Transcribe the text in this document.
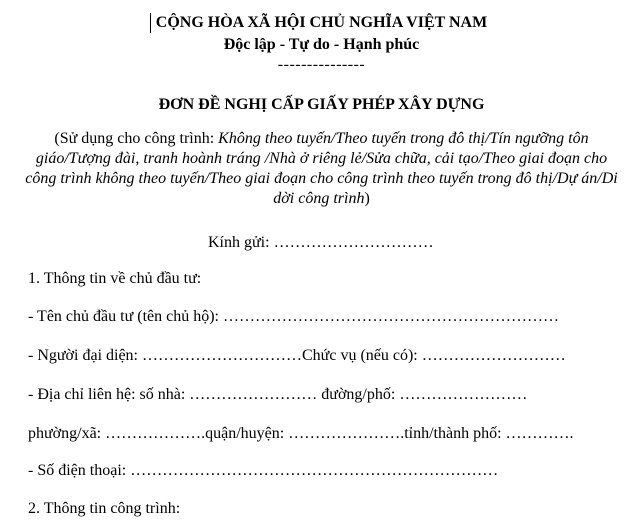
CỘNG HÒA XÃ HỘI CHỦ NGHĨA VIỆT NAM
Độc lập - Tự do - Hạnh phúc
---------------
ĐƠN ĐỀ NGHỊ CẤP GIẤY PHÉP XÂY DỰNG
(Sử dụng cho công trình: Không theo tuyến/Theo tuyến trong đô thị/Tín ngưỡng tôn giáo/Tượng đài, tranh hoành tráng /Nhà ở riêng lẻ/Sửa chữa, cải tạo/Theo giai đoạn cho công trình không theo tuyến/Theo giai đoạn cho công trình theo tuyến trong đô thị/Dự án/Di dời công trình)
Kính gửi: …………………………
1. Thông tin về chủ đầu tư:
- Tên chủ đầu tư (tên chủ hộ): ………………………………………………………
- Người đại diện: …………………………Chức vụ (nếu có): ………………………
- Địa chỉ liên hệ: số nhà: …………………… đường/phố: ……………………
phường/xã: ……………….quận/huyện: ………………….tỉnh/thành phố: ………….
- Số điện thoại: ……………………………………………………………
2. Thông tin công trình:
